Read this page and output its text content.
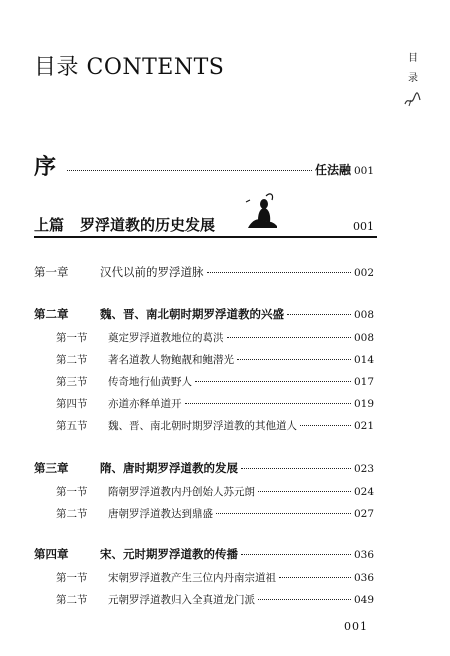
目录 CONTENTS	目
录
序	任法融 001
上篇 罗浮道教的历史发展	001
第一章	汉代以前的罗浮道脉	002
第二章	魏、晋、南北朝时期罗浮道教的兴盛	008
第一节	奠定罗浮道教地位的葛洪	008
第二节	著名道教人物鲍靓和鲍潜光	014
第三节	传奇地行仙黄野人	017
第四节	亦道亦释单道开	019
第五节	魏、晋、南北朝时期罗浮道教的其他道人	021
第三章	隋、唐时期罗浮道教的发展	023
第一节	隋朝罗浮道教内丹创始人苏元朗	024
第二节	唐朝罗浮道教达到鼎盛	027
第四章	宋、元时期罗浮道教的传播	036
第一节	宋朝罗浮道教产生三位内丹南宗道祖	036
第二节	元朝罗浮道教归入全真道龙门派	049
001
